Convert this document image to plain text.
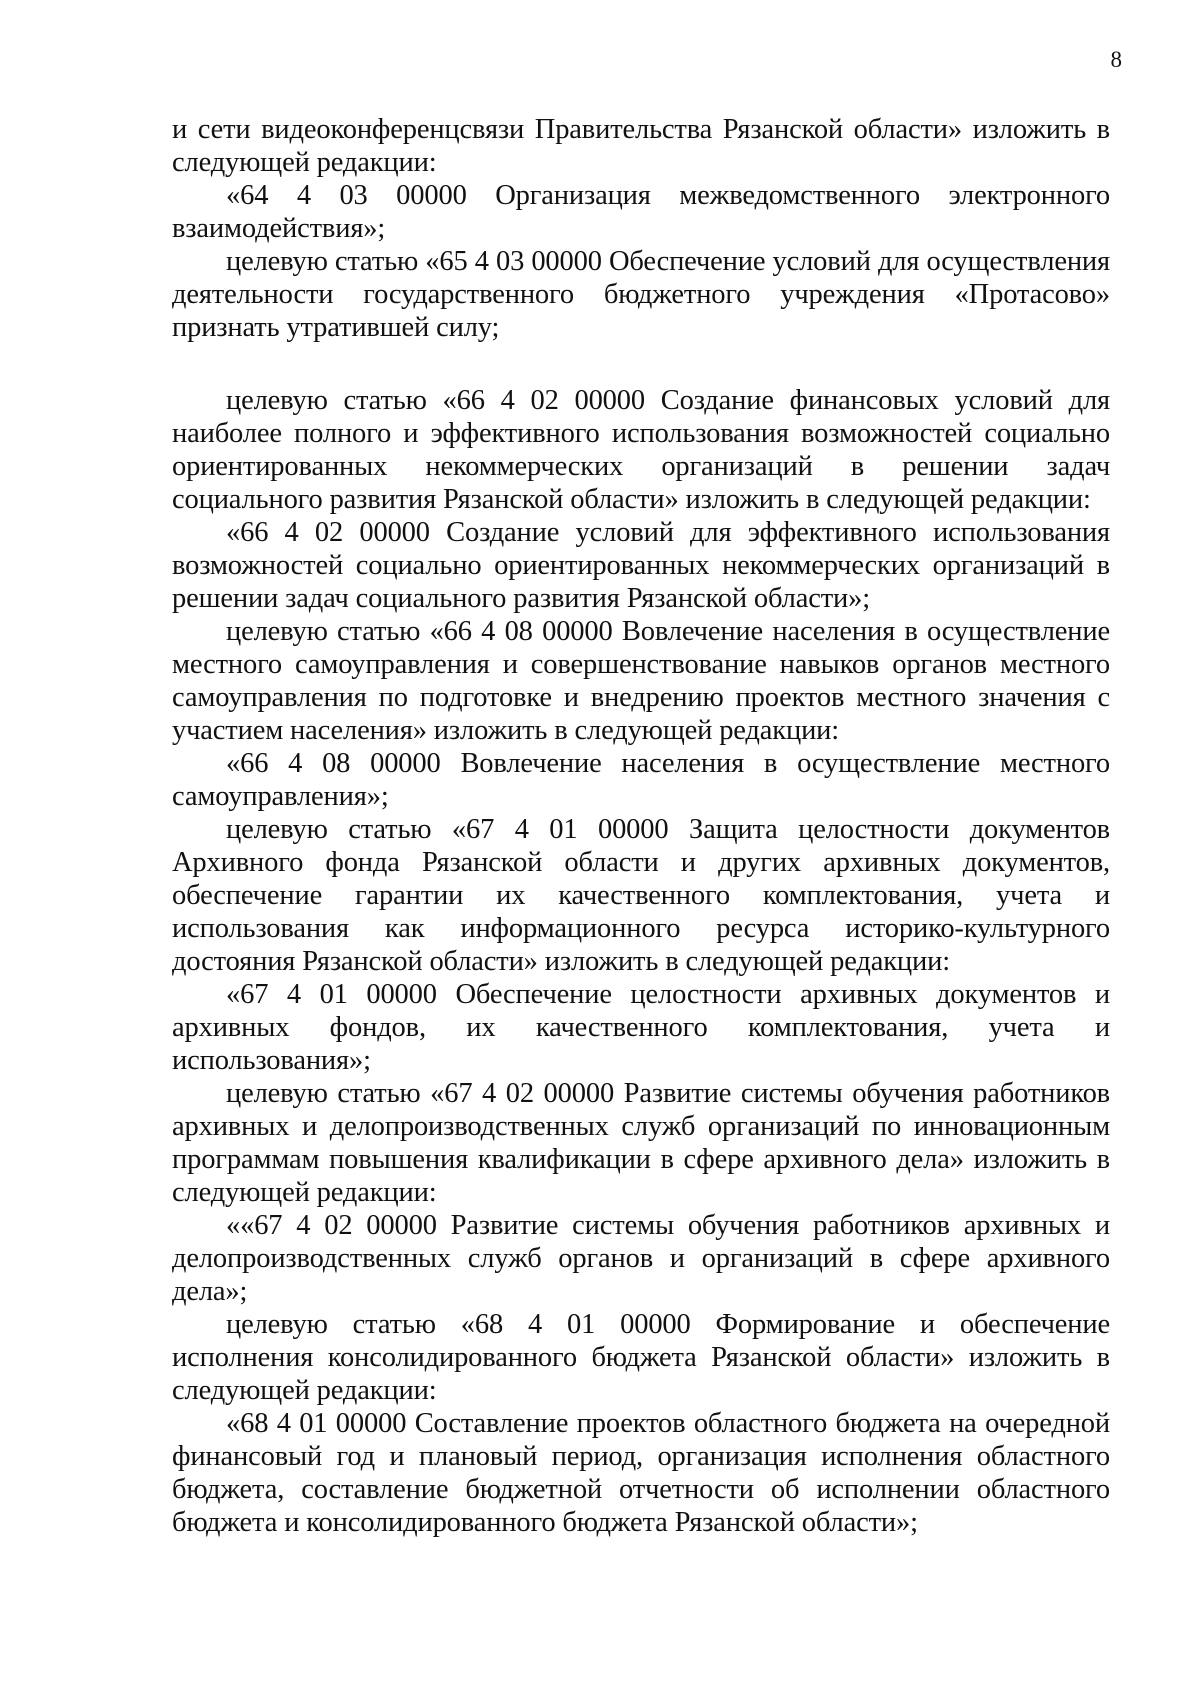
8

и сети видеоконференцсвязи Правительства Рязанской области» изложить в следующей редакции:

«64 4 03 00000 Организация межведомственного электронного взаимодействия»;

целевую статью «65 4 03 00000 Обеспечение условий для осуществления деятельности государственного бюджетного учреждения «Протасово» признать утратившей силу;

целевую статью «66 4 02 00000 Создание финансовых условий для наиболее полного и эффективного использования возможностей социально ориентированных некоммерческих организаций в решении задач социального развития Рязанской области» изложить в следующей редакции:

«66 4 02 00000 Создание условий для эффективного использования возможностей социально ориентированных некоммерческих организаций в решении задач социального развития Рязанской области»;

целевую статью «66 4 08 00000 Вовлечение населения в осуществление местного самоуправления и совершенствование навыков органов местного самоуправления по подготовке и внедрению проектов местного значения с участием населения» изложить в следующей редакции:

«66 4 08 00000 Вовлечение населения в осуществление местного самоуправления»;

целевую статью «67 4 01 00000 Защита целостности документов Архивного фонда Рязанской области и других архивных документов, обеспечение гарантии их качественного комплектования, учета и использования как информационного ресурса историко-культурного достояния Рязанской области» изложить в следующей редакции:

«67 4 01 00000 Обеспечение целостности архивных документов и архивных фондов, их качественного комплектования, учета и использования»;

целевую статью «67 4 02 00000 Развитие системы обучения работников архивных и делопроизводственных служб организаций по инновационным программам повышения квалификации в сфере архивного дела» изложить в следующей редакции:

««67 4 02 00000 Развитие системы обучения работников архивных и делопроизводственных служб органов и организаций в сфере архивного дела»;

целевую статью «68 4 01 00000 Формирование и обеспечение исполнения консолидированного бюджета Рязанской области» изложить в следующей редакции:

«68 4 01 00000 Составление проектов областного бюджета на очередной финансовый год и плановый период, организация исполнения областного бюджета, составление бюджетной отчетности об исполнении областного бюджета и консолидированного бюджета Рязанской области»;
